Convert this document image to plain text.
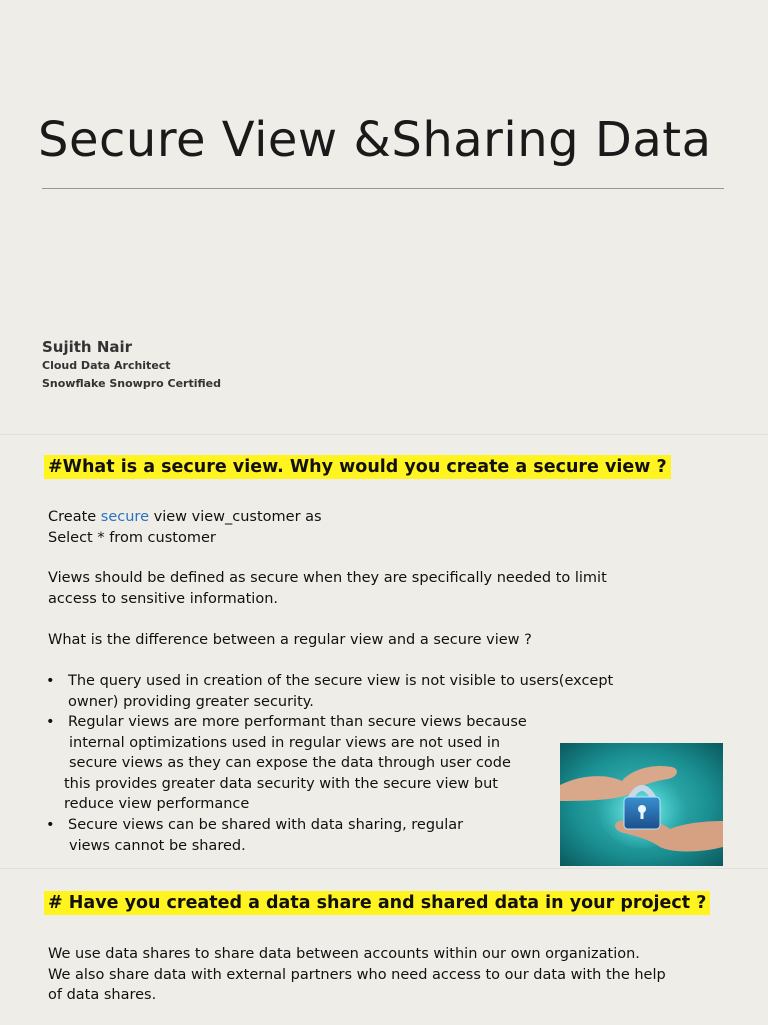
Secure View &Sharing Data

Sujith Nair

Cloud Data Architect

Snowflake Snowpro Certified

#What is a secure view. Why would you create a secure view ?

Create secure view view_customer as

Select * from customer

Views should be defined as secure when they are specifically needed to limit

access to sensitive information.

What is the difference between a regular view and a secure view ?

• The query used in creation of the secure view is not visible to users(except
owner) providing greater security.
• Regular views are more performant than secure views because
internal optimizations used in regular views are not used in
secure views as they can expose the data through user code
this provides greater data security with the secure view but
reduce view performance
• Secure views can be shared with data sharing, regular
views cannot be shared.
# Have you created a data share and shared data in your project ?

We use data shares to share data between accounts within our own organization.

We also share data with external partners who need access to our data with the help

of data shares.
